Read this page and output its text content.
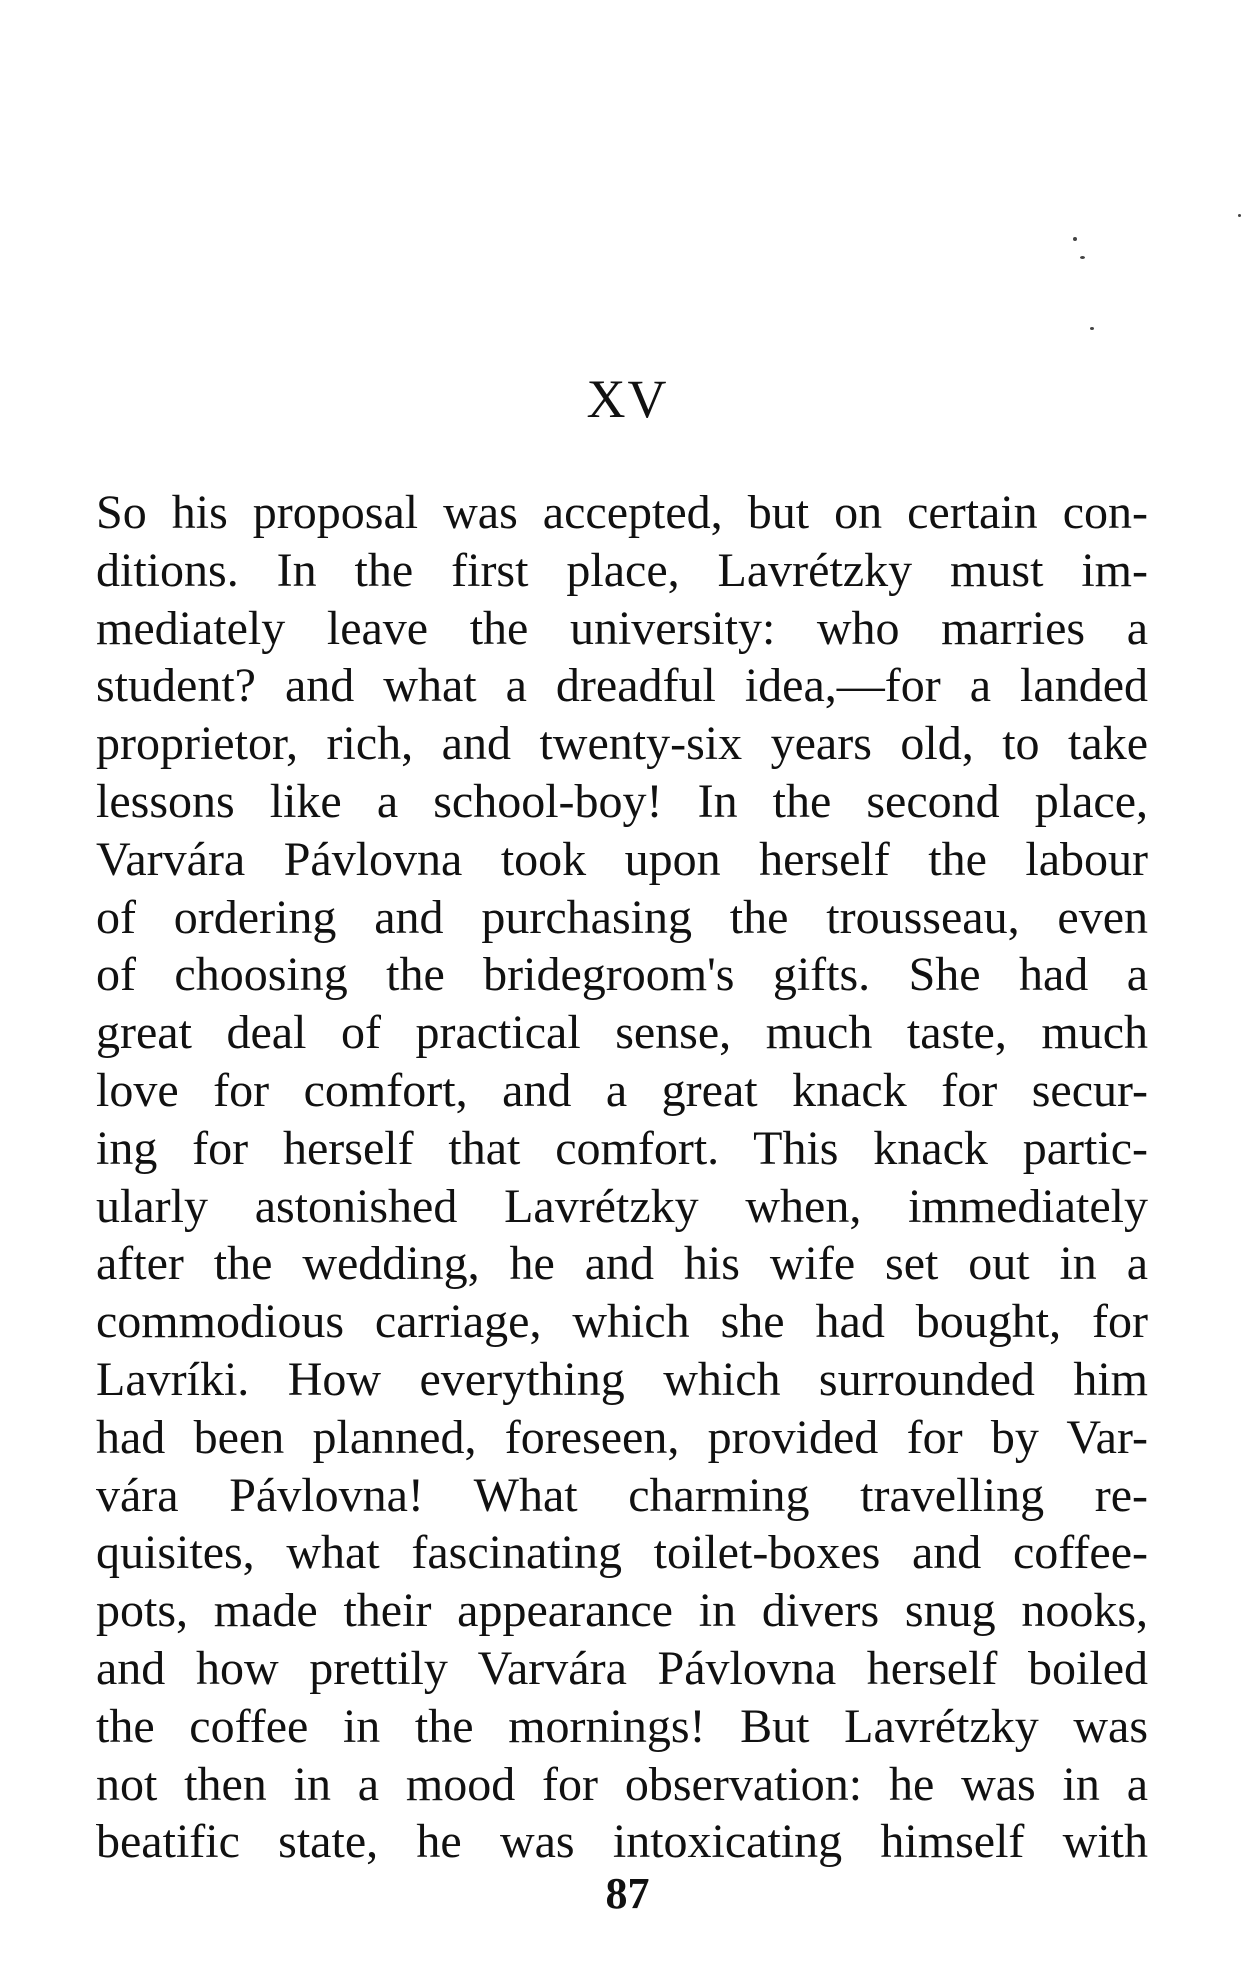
XV
So his proposal was accepted, but on certain con-
ditions. In the first place, Lavrétzky must im-
mediately leave the university: who marries a
student? and what a dreadful idea,—for a landed
proprietor, rich, and twenty-six years old, to take
lessons like a school-boy! In the second place,
Varvára Pávlovna took upon herself the labour
of ordering and purchasing the trousseau, even
of choosing the bridegroom's gifts. She had a
great deal of practical sense, much taste, much
love for comfort, and a great knack for secur-
ing for herself that comfort. This knack partic-
ularly astonished Lavrétzky when, immediately
after the wedding, he and his wife set out in a
commodious carriage, which she had bought, for
Lavríki. How everything which surrounded him
had been planned, foreseen, provided for by Var-
vára Pávlovna! What charming travelling re-
quisites, what fascinating toilet-boxes and coffee-
pots, made their appearance in divers snug nooks,
and how prettily Varvára Pávlovna herself boiled
the coffee in the mornings! But Lavrétzky was
not then in a mood for observation: he was in a
beatific state, he was intoxicating himself with
87
